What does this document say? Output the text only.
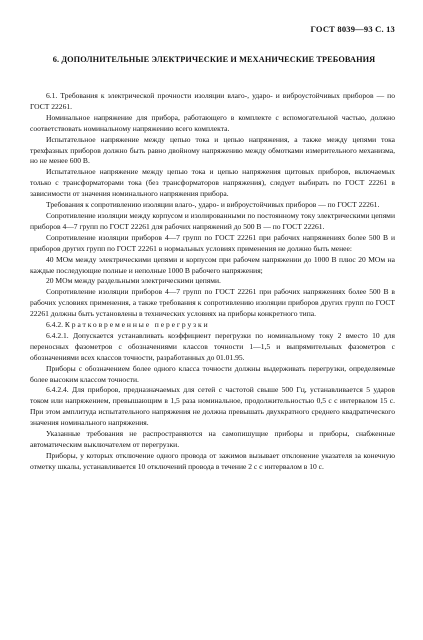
ГОСТ 8039—93 С. 13
6. ДОПОЛНИТЕЛЬНЫЕ ЭЛЕКТРИЧЕСКИЕ И МЕХАНИЧЕСКИЕ ТРЕБОВАНИЯ

6.1. Требования к электрической прочности изоляции влаго-, ударо- и виброустойчивых приборов — по ГОСТ 22261.

Номинальное напряжение для прибора, работающего в комплекте с вспомогательной частью, должно соответствовать номинальному напряжению всего комплекта.

Испытательное напряжение между цепью тока и цепью напряжения, а также между цепями тока трехфазных приборов должно быть равно двойному напряжению между обмотками измерительного механизма, но не менее 600 В.

Испытательное напряжение между цепью тока и цепью напряжения щитовых приборов, включаемых только с трансформаторами тока (без трансформаторов напряжения), следует выбирать по ГОСТ 22261 в зависимости от значения номинального напряжения прибора.

Требования к сопротивлению изоляции влаго-, ударо- и виброустойчивых приборов — по ГОСТ 22261.

Сопротивление изоляции между корпусом и изолированными по постоянному току электрическими цепями приборов 4—7 групп по ГОСТ 22261 для рабочих напряжений до 500 В — по ГОСТ 22261.

Сопротивление изоляции приборов 4—7 групп по ГОСТ 22261 при рабочих напряжениях более 500 В и приборов других групп по ГОСТ 22261 в нормальных условиях применения не должно быть менее:

40 МОм между электрическими цепями и корпусом при рабочем напряжении до 1000 В плюс 20 МОм на каждые последующие полные и неполные 1000 В рабочего напряжения;

20 МОм между раздельными электрическими цепями.

Сопротивление изоляции приборов 4—7 групп по ГОСТ 22261 при рабочих напряжениях более 500 В в рабочих условиях применения, а также требования к сопротивлению изоляции приборов других групп по ГОСТ 22261 должны быть установлены в технических условиях на приборы конкретного типа.

6.4.2. Кратковременные перегрузки

6.4.2.1. Допускается устанавливать коэффициент перегрузки по номинальному току 2 вместо 10 для переносных фазометров с обозначениями классов точности 1—1,5 и выпрямительных фазометров с обозначениями всех классов точности, разработанных до 01.01.95.

Приборы с обозначением более одного класса точности должны выдерживать перегрузки, определяемые более высоким классом точности.

6.4.2.4. Для приборов, предназначаемых для сетей с частотой свыше 500 Гц, устанавливается 5 ударов током или напряжением, превышающим в 1,5 раза номинальное, продолжительностью 0,5 с с интервалом 15 с. При этом амплитуда испытательного напряжения не должна превышать двухкратного среднего квадратического значения номинального напряжения.

Указанные требования не распространяются на самопишущие приборы и приборы, снабженные автоматическим выключателем от перегрузки.

Приборы, у которых отключение одного провода от зажимов вызывает отклонение указателя за конечную отметку шкалы, устанавливается 10 отключений провода в течение 2 с с интервалом в 10 с.
